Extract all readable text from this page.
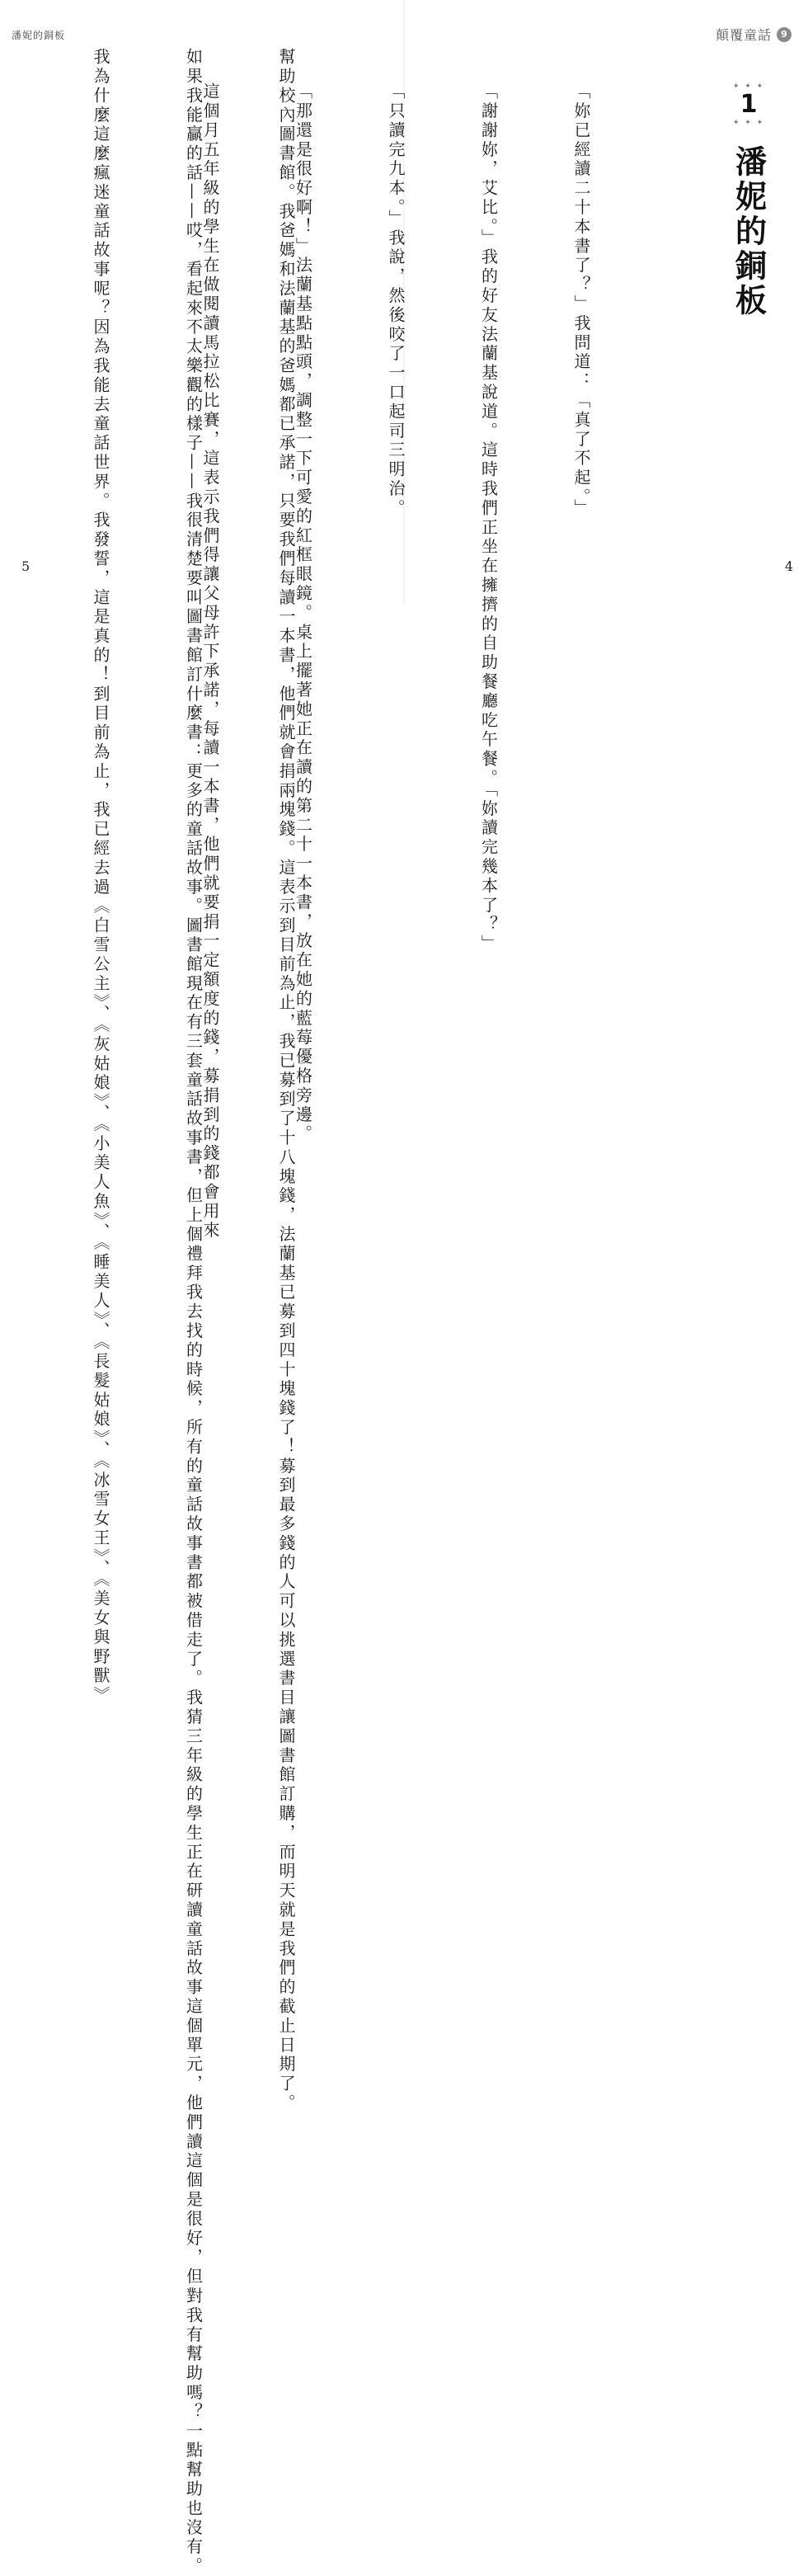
潘妮的銅板	顛覆童話	9
✦ ✦ ✦
1
✦ ✦ ✦
潘妮的銅板

「妳已經讀二十本書了？」我問道：「真了不起。」

「謝謝妳，艾比。」我的好友法蘭基說道。這時我們正坐在擁擠的自助餐廳吃午餐。「妳讀完幾本了？」

「只讀完九本。」我說，然後咬了一口起司三明治。

「那還是很好啊！」法蘭基點點頭，調整一下可愛的紅框眼鏡。桌上擺著她正在讀的第二十一本書，放在她的藍莓優格旁邊。

這個月五年級的學生在做閱讀馬拉松比賽，這表示我們得讓父母許下承諾，每讀一本書，他們就要捐一定額度的錢，募捐到的錢都會用來

	幫助校內圖書館。我爸媽和法蘭基的爸媽都已承諾，只要我們每讀一本書，他們就會捐兩塊錢。這表示到目前為止，我已募到了十八塊錢，法蘭基已募到四十塊錢了！募到最多錢的人可以挑選書目讓圖書館訂購，而明天就是我們的截止日期了。

如果我能贏的話——哎，看起來不太樂觀的樣子——我很清楚要叫圖書館訂什麼書：更多的童話故事。圖書館現在有三套童話故事書，但上個禮拜我去找的時候，所有的童話故事書都被借走了。我猜三年級的學生正在研讀童話故事這個單元，他們讀這個是很好，但對我有幫助嗎？一點幫助也沒有。

我為什麼這麼瘋迷童話故事呢？因為我能去童話世界。我發誓，這是真的！到目前為止，我已經去過《白雪公主》、《灰姑娘》、《小美人魚》、《睡美人》、《長髮姑娘》、《冰雪女王》、《美女與野獸》

5	4
